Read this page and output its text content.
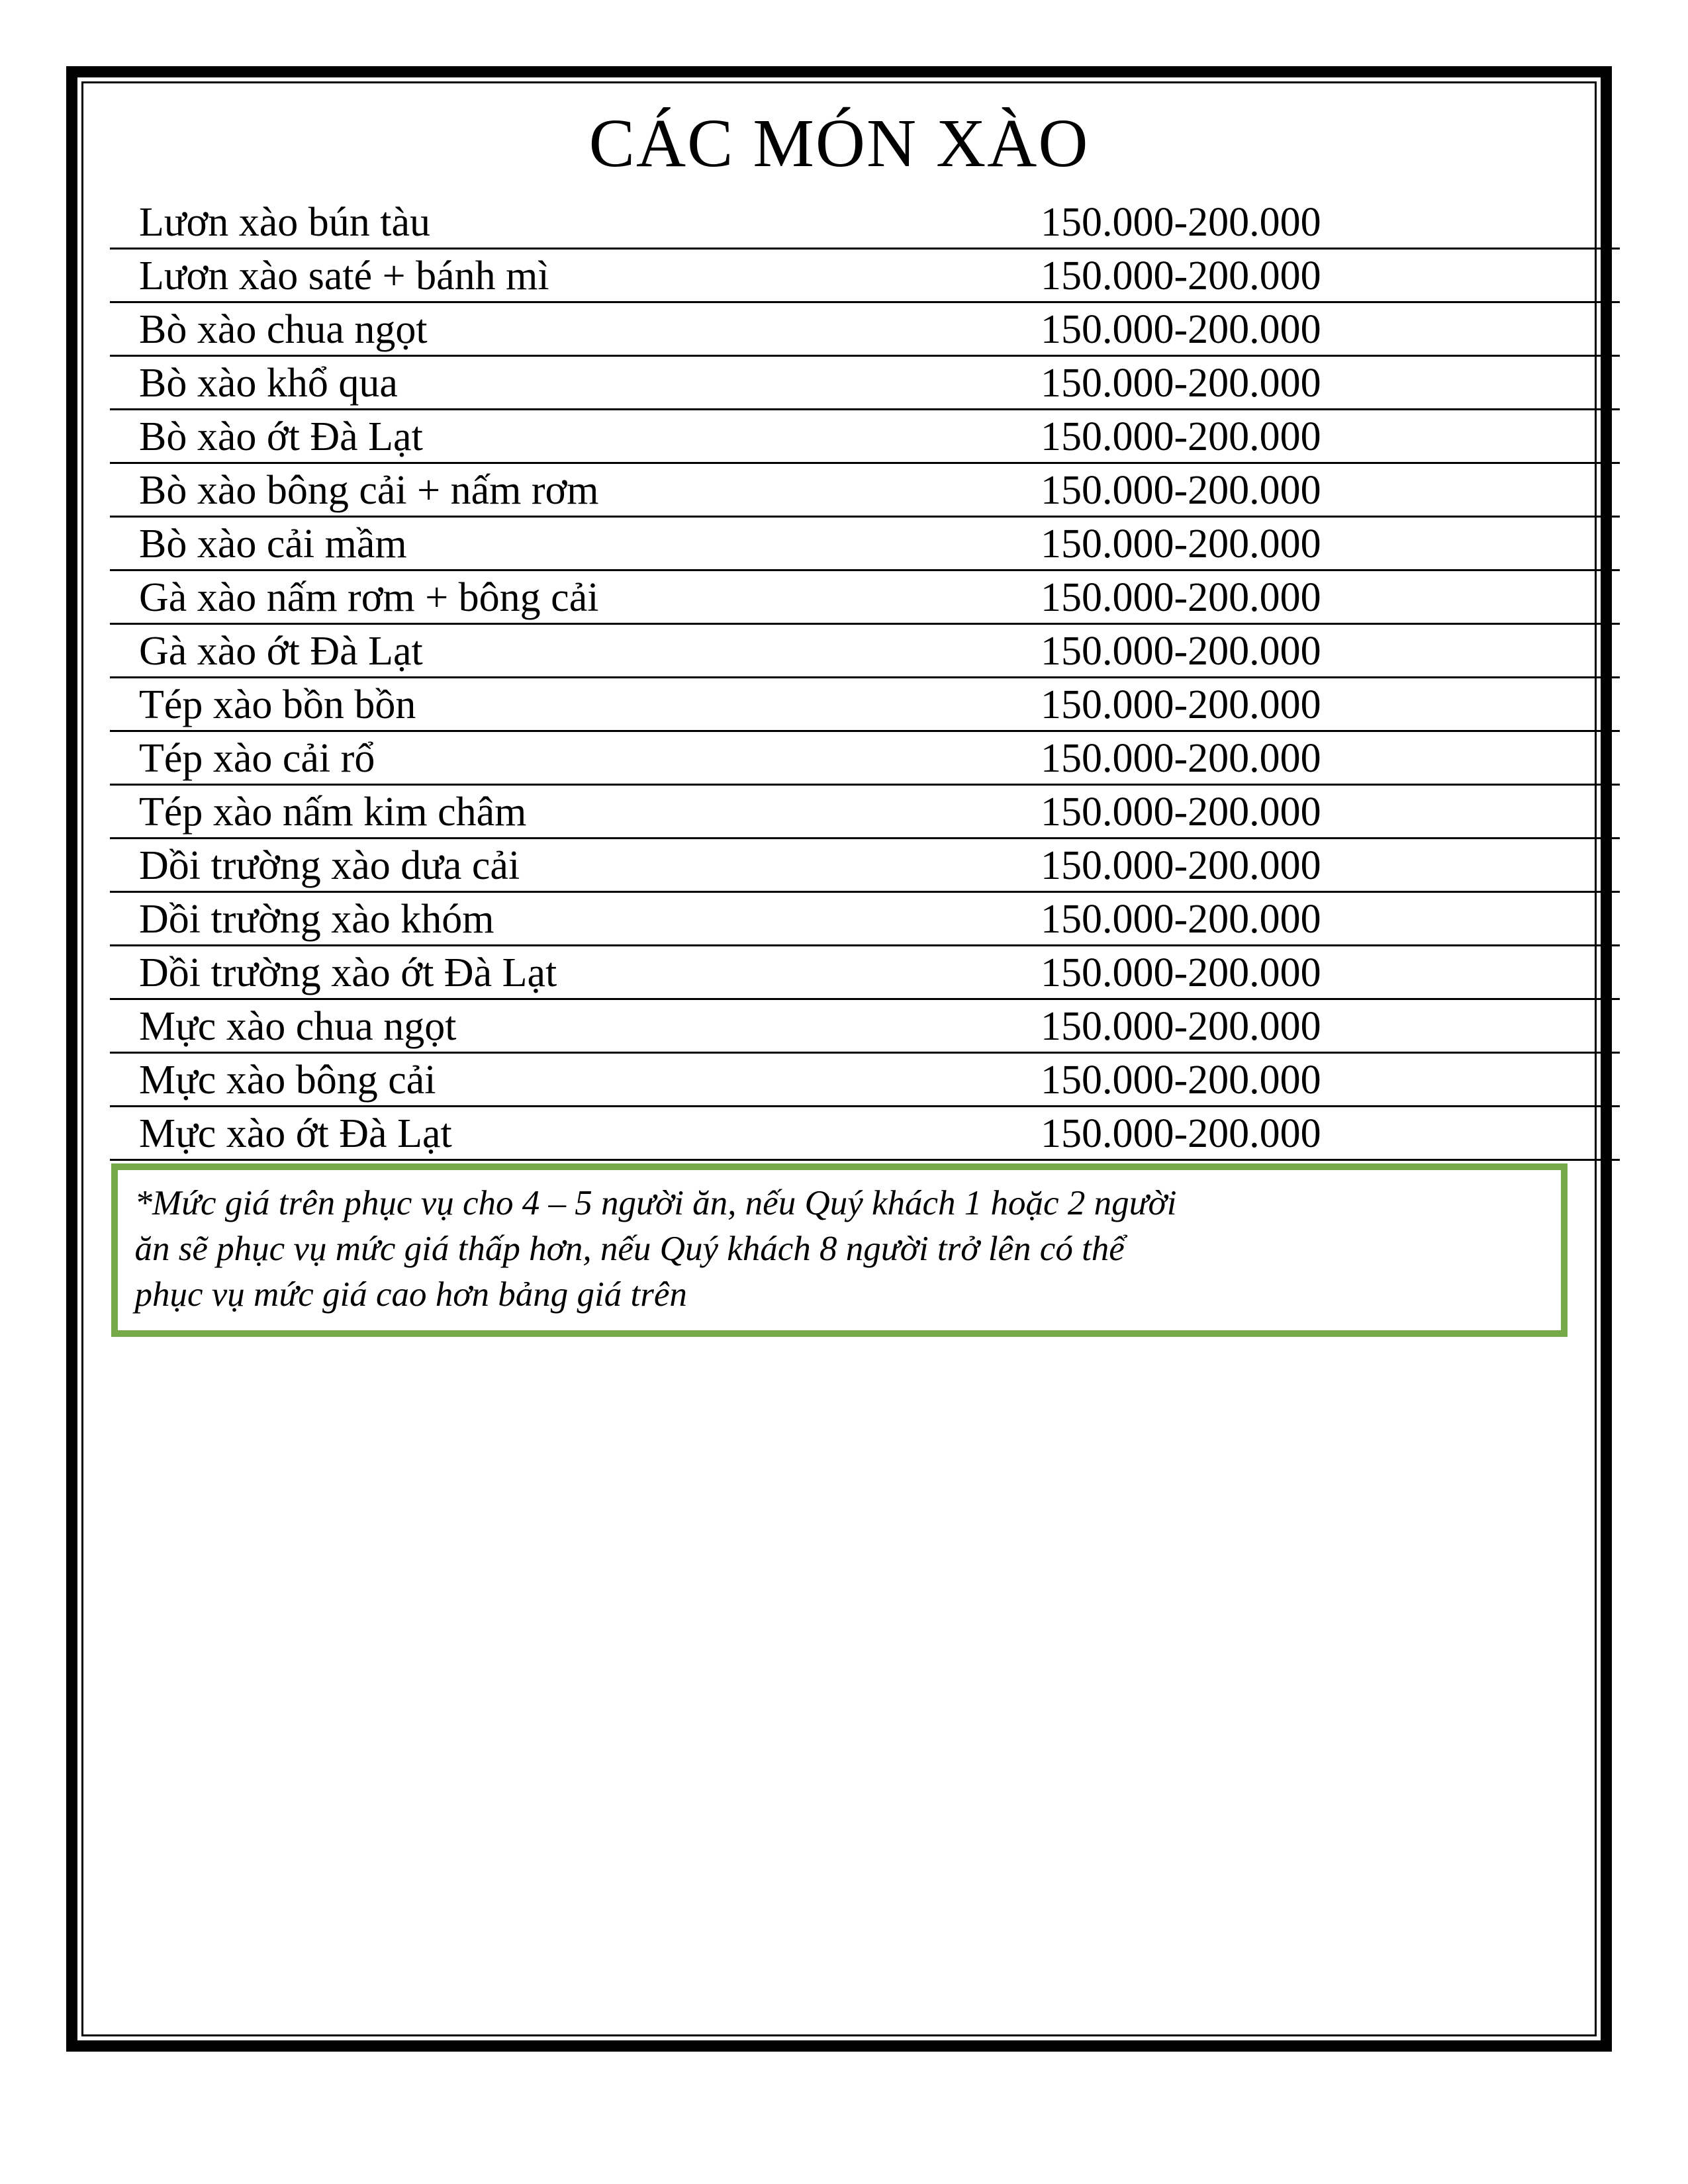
CÁC MÓN XÀO
Lươn xào bún tàu	150.000-200.000
Lươn xào saté + bánh mì	150.000-200.000
Bò xào chua ngọt	150.000-200.000
Bò xào khổ qua	150.000-200.000
Bò xào ớt Đà Lạt	150.000-200.000
Bò xào bông cải + nấm rơm	150.000-200.000
Bò xào cải mầm	150.000-200.000
Gà xào nấm rơm + bông cải	150.000-200.000
Gà xào ớt Đà Lạt	150.000-200.000
Tép xào bồn bồn	150.000-200.000
Tép xào cải rổ	150.000-200.000
Tép xào nấm kim châm	150.000-200.000
Dồi trường xào dưa cải	150.000-200.000
Dồi trường xào khóm	150.000-200.000
Dồi trường xào ớt Đà Lạt	150.000-200.000
Mực xào chua ngọt	150.000-200.000
Mực xào bông cải	150.000-200.000
Mực xào ớt Đà Lạt	150.000-200.000

*Mức giá trên phục vụ cho 4 – 5 người ăn, nếu Quý khách 1 hoặc 2 người
ăn sẽ phục vụ mức giá thấp hơn, nếu Quý khách 8 người trở lên có thể
phục vụ mức giá cao hơn bảng giá trên
